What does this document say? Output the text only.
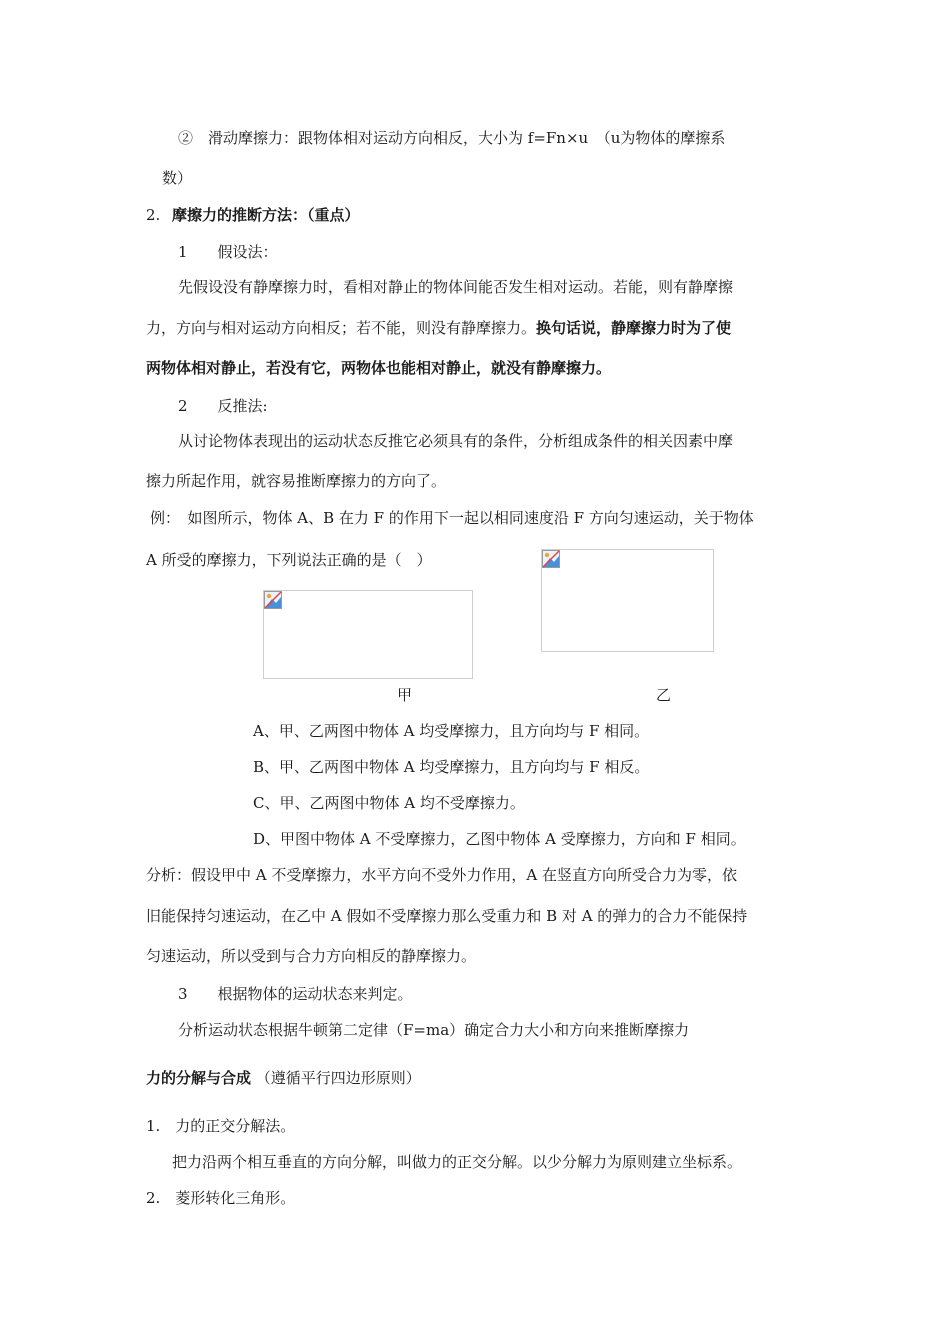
②　滑动摩擦力：跟物体相对运动方向相反，大小为 f=Fn×u　（u为物体的摩擦系
数）
2. 摩擦力的推断方法：（重点）
1　　假设法：
先假设没有静摩擦力时，看相对静止的物体间能否发生相对运动。若能，则有静摩擦
力，方向与相对运动方向相反；若不能，则没有静摩擦力。换句话说，静摩擦力时为了使
两物体相对静止，若没有它，两物体也能相对静止，就没有静摩擦力。
2　　反推法:
从讨论物体表现出的运动状态反推它必须具有的条件，分析组成条件的相关因素中摩
擦力所起作用，就容易推断摩擦力的方向了。
例：　如图所示，物体 A、B 在力 F 的作用下一起以相同速度沿 F 方向匀速运动，关于物体
A 所受的摩擦力，下列说法正确的是（　）
甲	乙
A、甲、乙两图中物体 A 均受摩擦力，且方向均与 F 相同。
B、甲、乙两图中物体 A 均受摩擦力，且方向均与 F 相反。
C、甲、乙两图中物体 A 均不受摩擦力。
D、甲图中物体 A 不受摩擦力，乙图中物体 A 受摩擦力，方向和 F 相同。
分析：假设甲中 A 不受摩擦力，水平方向不受外力作用，A 在竖直方向所受合力为零，依
旧能保持匀速运动，在乙中 A 假如不受摩擦力那么受重力和 B 对 A 的弹力的合力不能保持
匀速运动，所以受到与合力方向相反的静摩擦力。
3　　根据物体的运动状态来判定。
分析运动状态根据牛顿第二定律（F=ma）确定合力大小和方向来推断摩擦力
力的分解与合成 （遵循平行四边形原则）
1.　力的正交分解法。
把力沿两个相互垂直的方向分解，叫做力的正交分解。以少分解力为原则建立坐标系。
2.　菱形转化三角形。
